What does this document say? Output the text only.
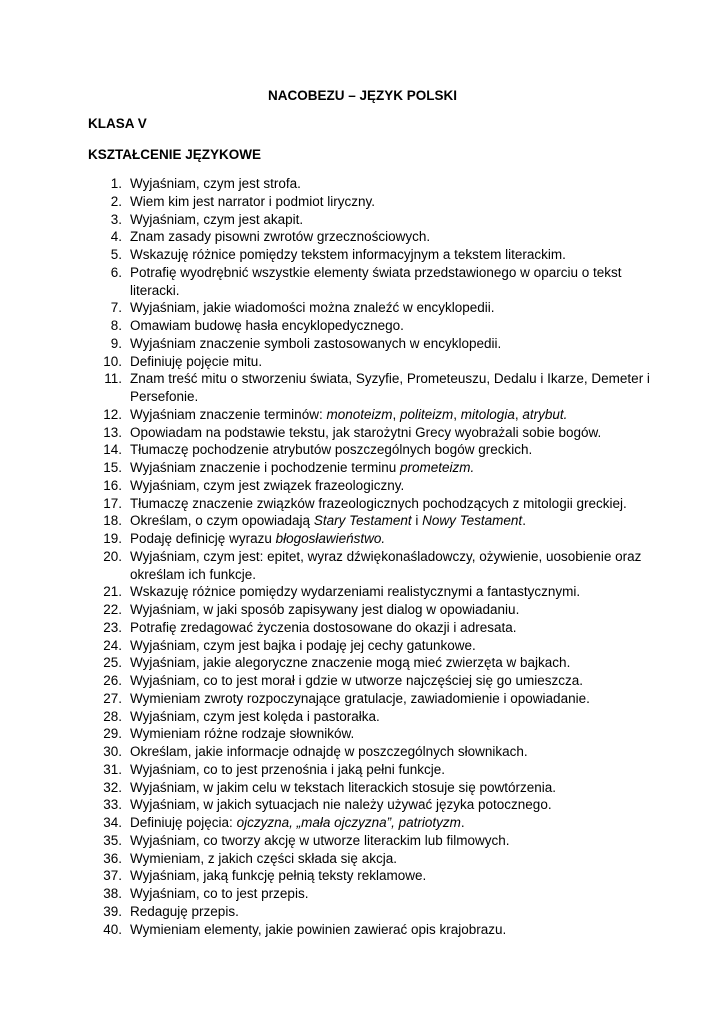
NACOBEZU – JĘZYK POLSKI
KLASA V
KSZTAŁCENIE JĘZYKOWE
1. Wyjaśniam, czym jest strofa.
2. Wiem kim jest narrator i podmiot liryczny.
3. Wyjaśniam, czym jest akapit.
4. Znam zasady pisowni zwrotów grzecznościowych.
5. Wskazuję różnice pomiędzy tekstem informacyjnym a tekstem literackim.
6. Potrafię wyodrębnić wszystkie elementy świata przedstawionego w oparciu o tekst literacki.
7. Wyjaśniam, jakie wiadomości można znaleźć w encyklopedii.
8. Omawiam budowę hasła encyklopedycznego.
9. Wyjaśniam znaczenie symboli zastosowanych w encyklopedii.
10. Definiuję pojęcie mitu.
11. Znam treść mitu o stworzeniu świata, Syzyfie, Prometeuszu, Dedalu i Ikarze, Demeter i Persefonie.
12. Wyjaśniam znaczenie terminów: monoteizm, politeizm, mitologia, atrybut.
13. Opowiadam na podstawie tekstu, jak starożytni Grecy wyobrażali sobie bogów.
14. Tłumaczę pochodzenie atrybutów poszczególnych bogów greckich.
15. Wyjaśniam znaczenie i pochodzenie terminu prometeizm.
16. Wyjaśniam, czym jest związek frazeologiczny.
17. Tłumaczę znaczenie związków frazeologicznych pochodzących z mitologii greckiej.
18. Określam, o czym opowiadają Stary Testament i Nowy Testament.
19. Podaję definicję wyrazu błogosławieństwo.
20. Wyjaśniam, czym jest: epitet, wyraz dźwiękonaśladowczy, ożywienie, uosobienie oraz określam ich funkcje.
21. Wskazuję różnice pomiędzy wydarzeniami realistycznymi a fantastycznymi.
22. Wyjaśniam, w jaki sposób zapisywany jest dialog w opowiadaniu.
23. Potrafię zredagować życzenia dostosowane do okazji i adresata.
24. Wyjaśniam, czym jest bajka i podaję jej cechy gatunkowe.
25. Wyjaśniam, jakie alegoryczne znaczenie mogą mieć zwierzęta w bajkach.
26. Wyjaśniam, co to jest morał i gdzie w utworze najczęściej się go umieszcza.
27. Wymieniam zwroty rozpoczynające gratulacje, zawiadomienie i opowiadanie.
28. Wyjaśniam, czym jest kolęda i pastorałka.
29. Wymieniam różne rodzaje słowników.
30. Określam, jakie informacje odnajdę w poszczególnych słownikach.
31. Wyjaśniam, co to jest przenośnia i jaką pełni funkcje.
32. Wyjaśniam, w jakim celu w tekstach literackich stosuje się powtórzenia.
33. Wyjaśniam, w jakich sytuacjach nie należy używać języka potocznego.
34. Definiuję pojęcia: ojczyzna, „mała ojczyzna”, patriotyzm.
35. Wyjaśniam, co tworzy akcję w utworze literackim lub filmowych.
36. Wymieniam, z jakich części składa się akcja.
37. Wyjaśniam, jaką funkcję pełnią teksty reklamowe.
38. Wyjaśniam, co to jest przepis.
39. Redaguję przepis.
40. Wymieniam elementy, jakie powinien zawierać opis krajobrazu.
